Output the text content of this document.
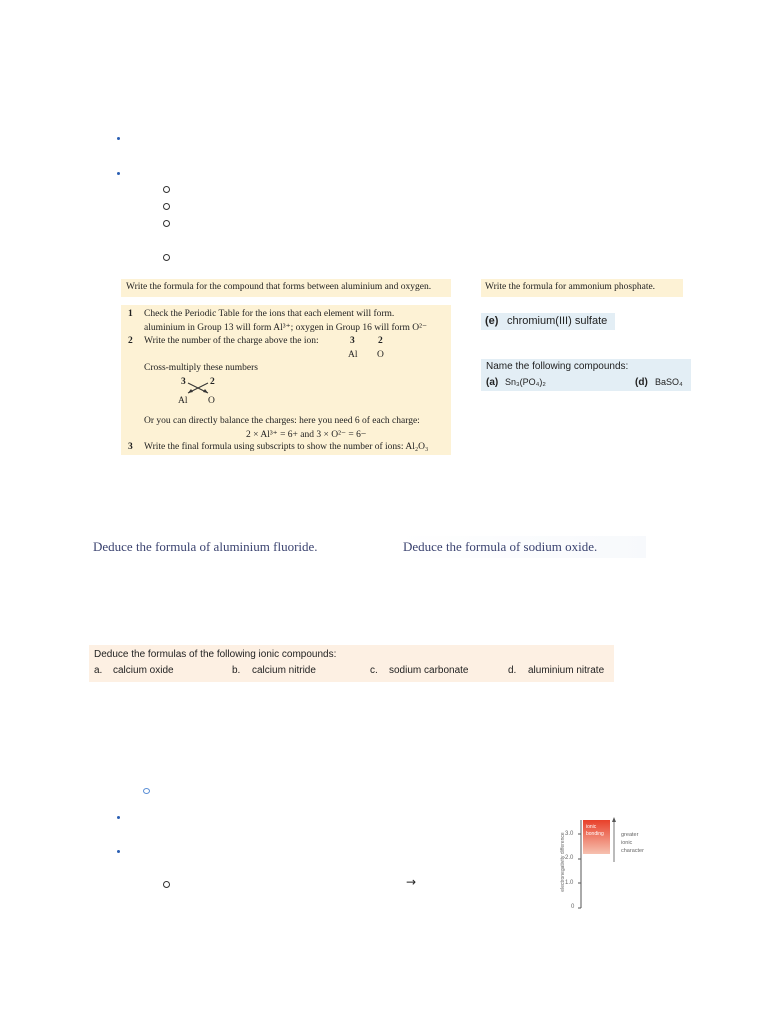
Write the formula for the compound that forms between aluminium and oxygen.
1 Check the Periodic Table for the ions that each element will form.
aluminium in Group 13 will form Al³⁺; oxygen in Group 16 will form O²⁻
2 Write the number of the charge above the ion:	3 2
Al O
Cross-multiply these numbers
3	2
Al O
Or you can directly balance the charges: here you need 6 of each charge:
2 × Al³⁺ = 6+ and 3 × O²⁻ = 6−
3 Write the final formula using subscripts to show the number of ions: Al₂O₃
Write the formula for ammonium phosphate.
(e) chromium(III) sulfate
Name the following compounds:
(a) Sn₃(PO₄)₂	(d) BaSO₄
Deduce the formula of aluminium fluoride.	Deduce the formula of sodium oxide.
Deduce the formulas of the following ionic compounds:
a. calcium oxide	b. calcium nitride	c. sodium carbonate	d. aluminium nitrate
→	electronegativity difference 3.0
2.0
1.0
0
ionic
bonding	greater
ionic
character
